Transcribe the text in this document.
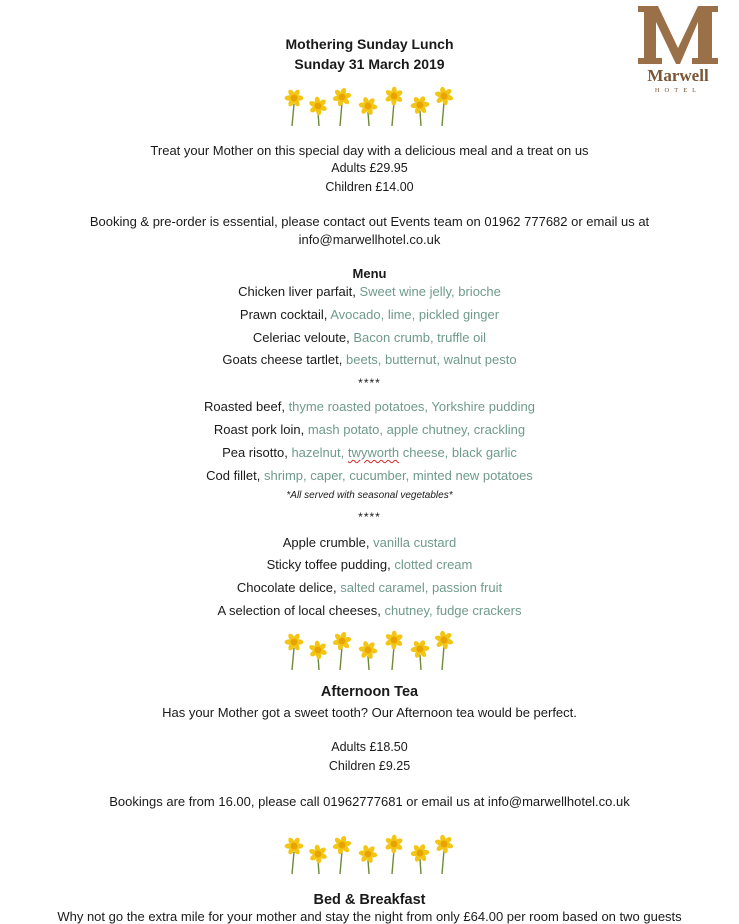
Marwell
HOTEL
Mothering Sunday Lunch
Sunday 31 March 2019
Treat your Mother on this special day with a delicious meal and a treat on us
Adults £29.95
Children £14.00
Booking & pre-order is essential, please contact out Events team on 01962 777682 or email us at
info@marwellhotel.co.uk
Menu
Chicken liver parfait, Sweet wine jelly, brioche
Prawn cocktail, Avocado, lime, pickled ginger
Celeriac veloute, Bacon crumb, truffle oil
Goats cheese tartlet, beets, butternut, walnut pesto
****
Roasted beef, thyme roasted potatoes, Yorkshire pudding
Roast pork loin, mash potato, apple chutney, crackling
Pea risotto, hazelnut, twyworth cheese, black garlic
Cod fillet, shrimp, caper, cucumber, minted new potatoes
*All served with seasonal vegetables*
****
Apple crumble, vanilla custard
Sticky toffee pudding, clotted cream
Chocolate delice, salted caramel, passion fruit
A selection of local cheeses, chutney, fudge crackers
Afternoon Tea
Has your Mother got a sweet tooth? Our Afternoon tea would be perfect.
Adults £18.50
Children £9.25
Bookings are from 16.00, please call 01962777681 or email us at info@marwellhotel.co.uk
Bed & Breakfast
Why not go the extra mile for your mother and stay the night from only £64.00 per room based on two guests
